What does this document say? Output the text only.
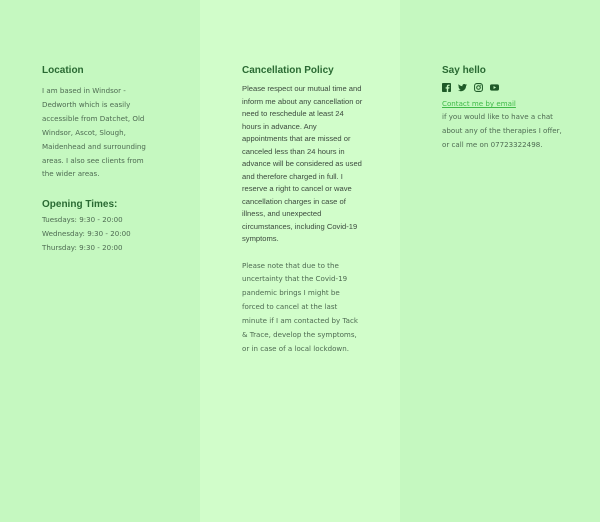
Location

I am based in Windsor - Dedworth which is easily accessible from Datchet, Old Windsor, Ascot, Slough, Maidenhead and surrounding areas. I also see clients from the wider areas.

Opening Times:
Tuesdays: 9:30 - 20:00
Wednesday: 9:30 - 20:00
Thursday: 9:30 - 20:00
Cancellation Policy

Please respect our mutual time and inform me about any cancellation or need to reschedule at least 24 hours in advance. Any appointments that are missed or canceled less than 24 hours in advance will be considered as used and therefore charged in full. I reserve a right to cancel or wave cancellation charges in case of illness, and unexpected circumstances, including Covid-19 symptoms.

Please note that due to the uncertainty that the Covid-19 pandemic brings I might be forced to cancel at the last minute if I am contacted by Tack & Trace, develop the symptoms, or in case of a local lockdown.

Say hello
Contact me by email

if you would like to have a chat about any of the therapies I offer, or call me on 07723322498.
